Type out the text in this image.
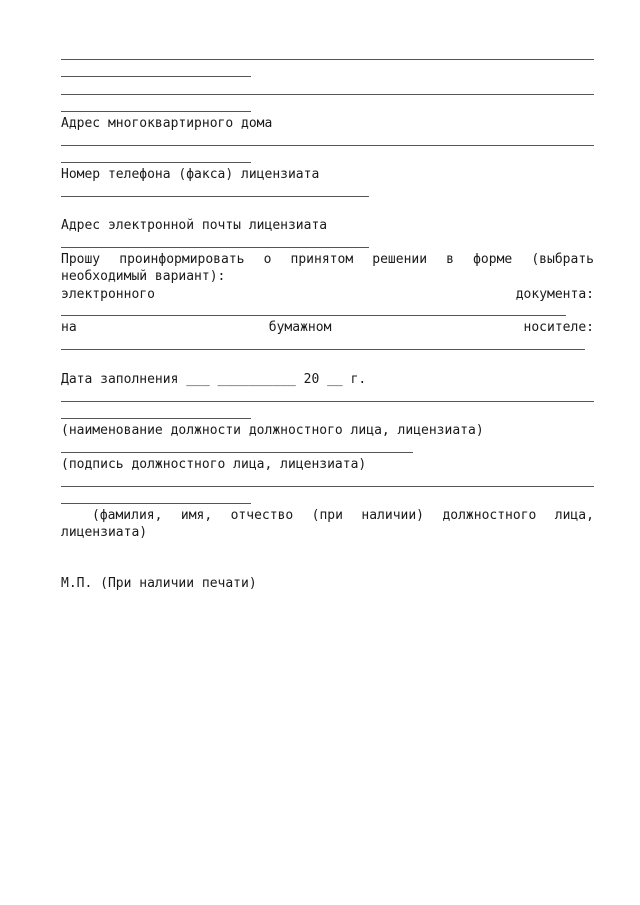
Адрес многоквартирного дома
Номер телефона (факса) лицензиата
Адрес электронной почты лицензиата
Прошу проинформировать о принятом решении в форме (выбрать
необходимый вариант):
электронного	документа:
на	бумажном	носителе:
Дата заполнения ___ __________ 20 __ г.
(наименование должности должностного лица, лицензиата)
(подпись должностного лица, лицензиата)
(фамилия, имя, отчество (при наличии) должностного лица,
лицензиата)
М.П. (При наличии печати)
